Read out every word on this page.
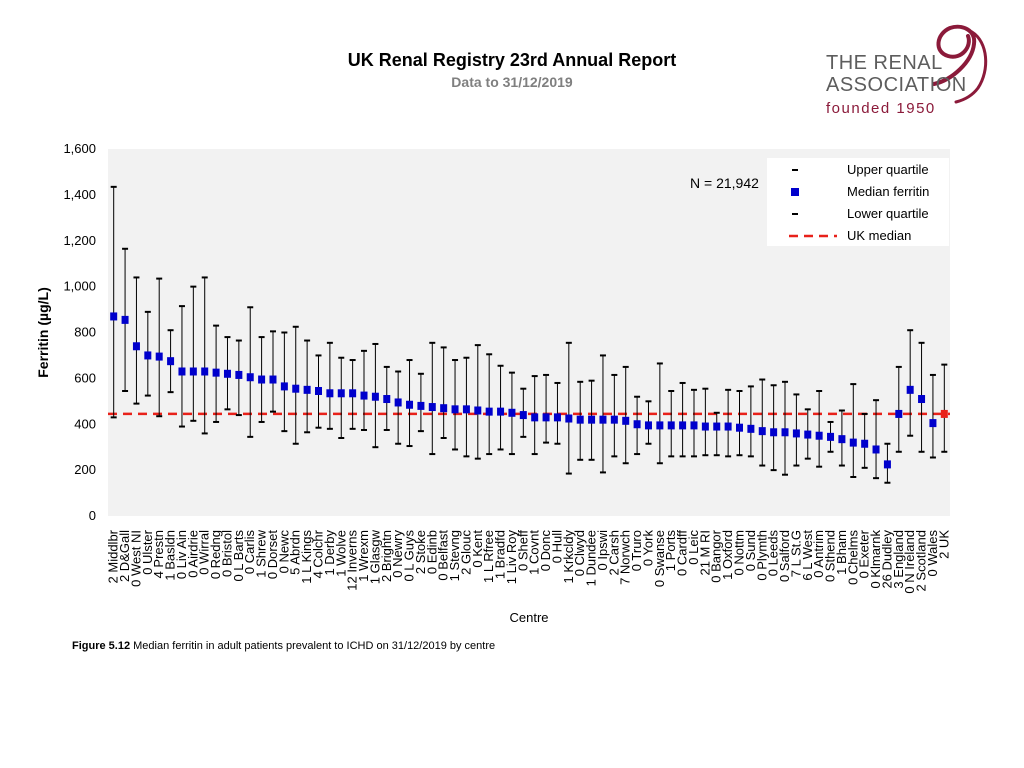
UK Renal Registry 23rd Annual Report
Data to 31/12/2019
THE RENAL
ASSOCIATION
founded 1950
0
200
400
600
800
1,000
1,200
1,400
1,600
Ferritin (µg/L)
2 Middlbr
2 D&Gall
0 West NI
0 Ulster
4 Prestn
1 Basldn
0 Liv Ain
0 Airdrie
0 Wirral
0 Redng
0 Bristol
0 L Barts
0 Carlis
1 Shrew
0 Dorset
0 Newc
5 Abrdn
1 L Kings
4 Colchr
1 Derby
1 Wolve
12 Inverns
1 Wrexm
1 Glasgw
2 Brightn
0 Newry
0 L Guys
2 Stoke
0 Edinb
0 Belfast
1 Stevng
2 Glouc
0 Kent
1 L Rfree
1 Bradfd
1 Liv Roy
0 Sheff
1 Covnt
0 Donc
0 Hull
1 Krkcldy
0 Clwyd
1 Dundee
0 Ipswi
2 Carsh
7 Norwch
0 Truro
0 York
0 Swanse
1 Ports
0 Cardff
0 Leic
21 M RI
0 Bangor
1 Oxford
0 Nottm
0 Sund
0 Plymth
0 Leeds
0 Salford
7 L St.G
6 L West
0 Antrim
0 Sthend
1 Bham
0 Chelms
0 Exeter
0 Klmarnk
26 Dudley
3 England
0 N Ireland
2 Scotland
0 Wales
2 UK
Centre
N = 21,942
Upper quartile
Median ferritin
Lower quartile
UK median
Figure 5.12 Median ferritin in adult patients prevalent to ICHD on 31/12/2019 by centre
